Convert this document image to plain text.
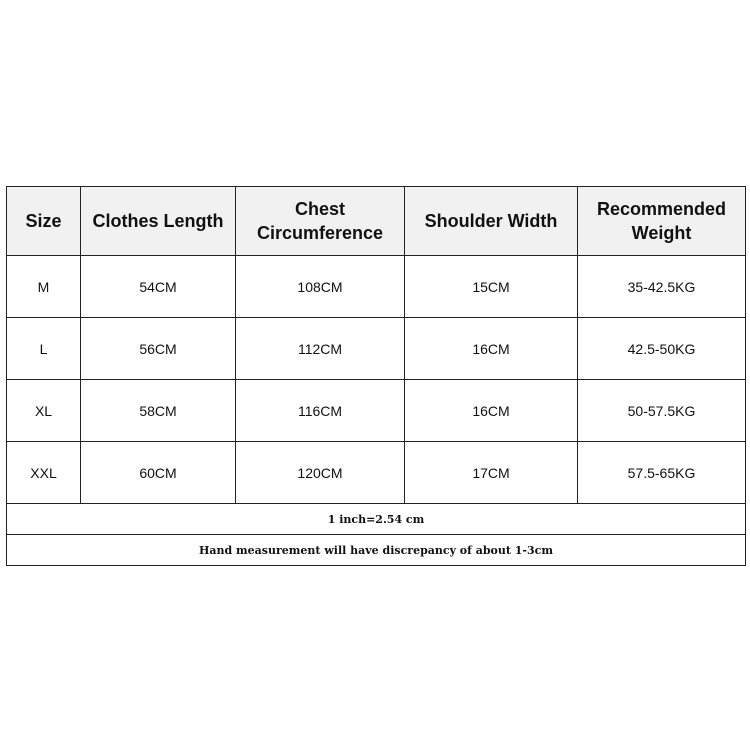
Size	Clothes Length	Chest Circumference	Shoulder Width	Recommended Weight
M	54CM	108CM	15CM	35-42.5KG
L	56CM	112CM	16CM	42.5-50KG
XL	58CM	116CM	16CM	50-57.5KG
XXL	60CM	120CM	17CM	57.5-65KG
1 inch=2.54 cm				
Hand measurement will have discrepancy of about 1-3cm				
